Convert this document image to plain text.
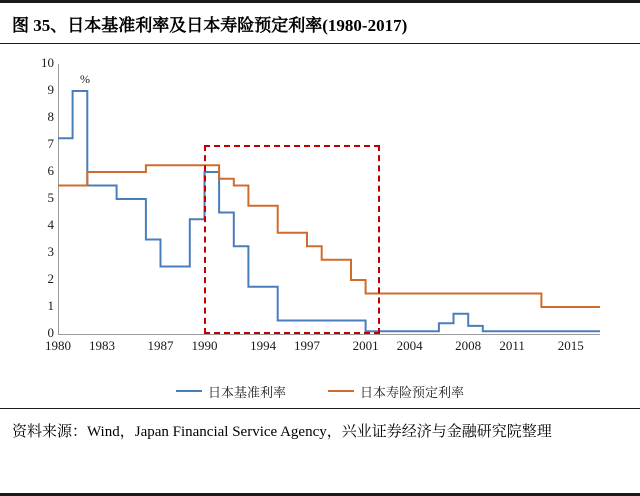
图 35、日本基准利率及日本寿险预定利率(1980-2017)
%
0
1
2
3
4
5
6
7
8
9
10
1980	1983	1987	1990	1994	1997	2001	2004	2008	2011	2015
日本基准利率	日本寿险预定利率
资料来源：Wind，Japan Financial Service Agency，兴业证券经济与金融研究院整理
